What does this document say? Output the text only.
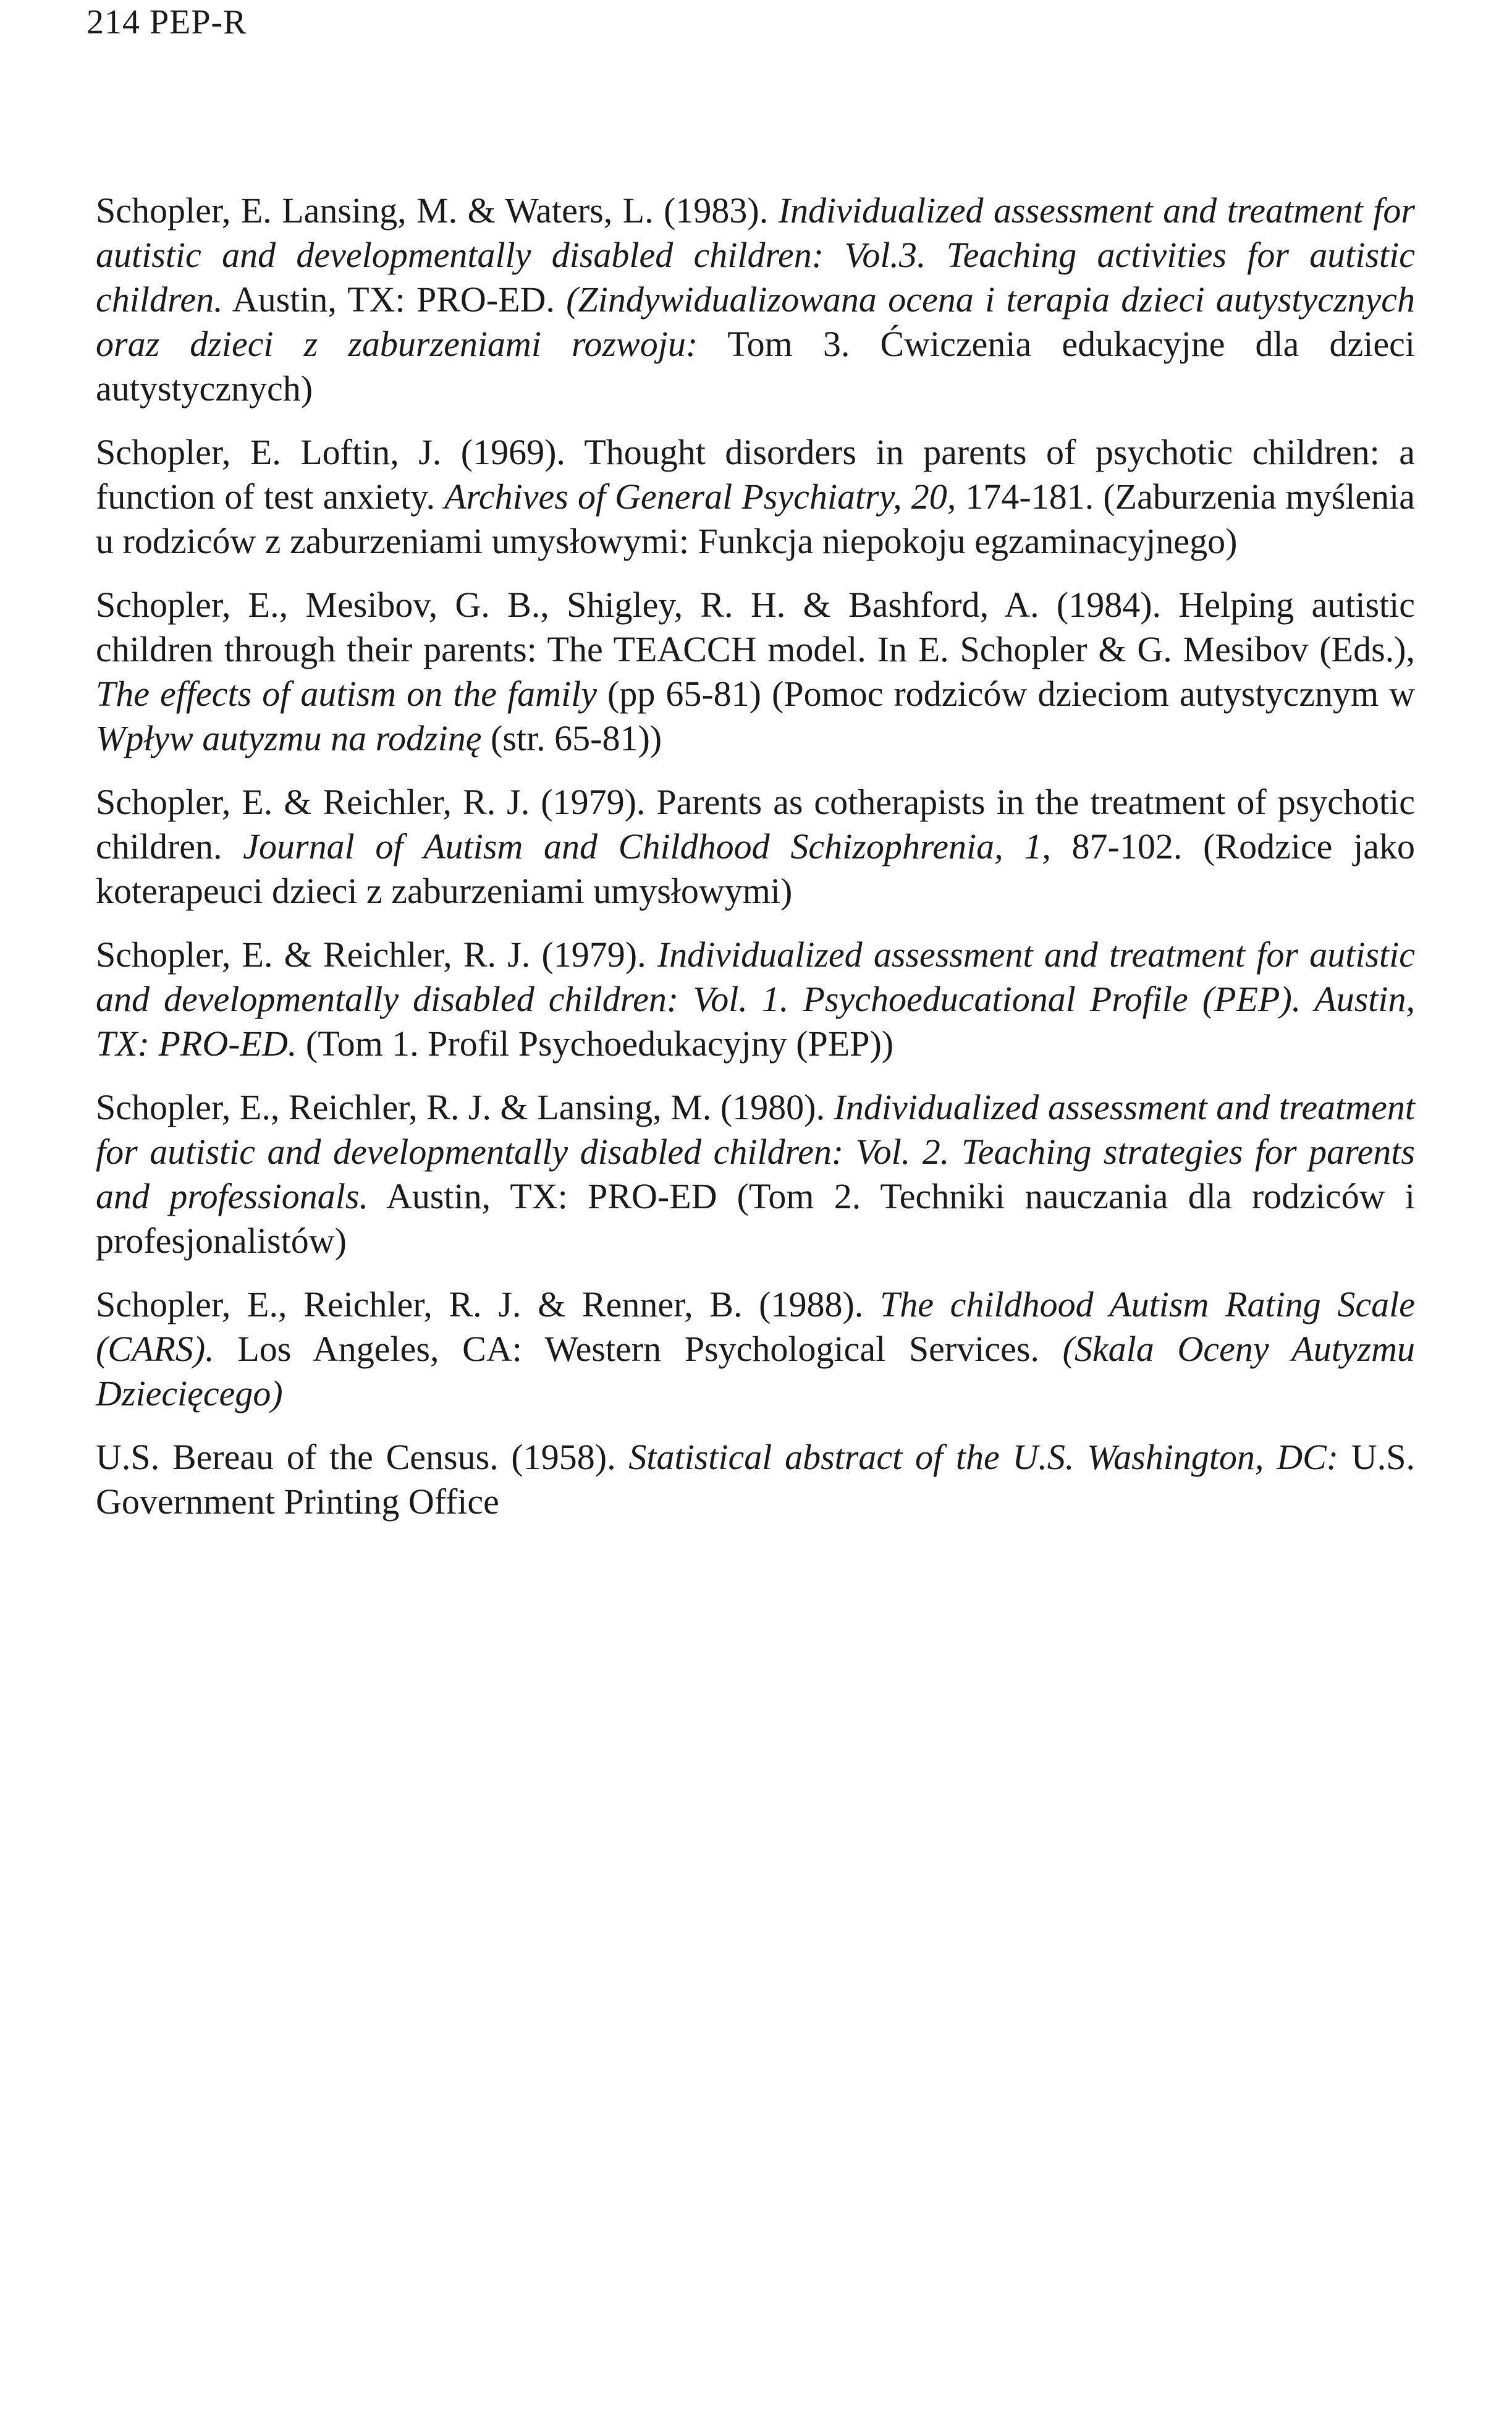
214 PEP-R

Schopler, E. Lansing, M. & Waters, L. (1983). Individualized assessment and treatment for autistic and developmentally disabled children: Vol.3. Teaching activities for autistic children. Austin, TX: PRO-ED. (Zindywidualizowana ocena i terapia dzieci autystycznych oraz dzieci z zaburzeniami rozwoju: Tom 3. Ćwiczenia edukacyjne dla dzieci autystycznych)

Schopler, E. Loftin, J. (1969). Thought disorders in parents of psychotic children: a function of test anxiety. Archives of General Psychiatry, 20, 174-181. (Zaburzenia myślenia u rodziców z zaburzeniami umysłowymi: Funkcja niepokoju egzaminacyjnego)

Schopler, E., Mesibov, G. B., Shigley, R. H. & Bashford, A. (1984). Helping autistic children through their parents: The TEACCH model. In E. Schopler & G. Mesibov (Eds.), The effects of autism on the family (pp 65-81) (Pomoc rodziców dzieciom autystycznym w Wpływ autyzmu na rodzinę (str. 65-81))

Schopler, E. & Reichler, R. J. (1979). Parents as cotherapists in the treatment of psychotic children. Journal of Autism and Childhood Schizophrenia, 1, 87-102. (Rodzice jako koterapeuci dzieci z zaburzeniami umysłowymi)

Schopler, E. & Reichler, R. J. (1979). Individualized assessment and treatment for autistic and developmentally disabled children: Vol. 1. Psychoeducational Profile (PEP). Austin, TX: PRO-ED. (Tom 1. Profil Psychoedukacyjny (PEP))

Schopler, E., Reichler, R. J. & Lansing, M. (1980). Individualized assessment and treatment for autistic and developmentally disabled children: Vol. 2. Teaching strategies for parents and professionals. Austin, TX: PRO-ED (Tom 2. Techniki nauczania dla rodziców i profesjonalistów)

Schopler, E., Reichler, R. J. & Renner, B. (1988). The childhood Autism Rating Scale (CARS). Los Angeles, CA: Western Psychological Services. (Skala Oceny Autyzmu Dziecięcego)

U.S. Bereau of the Census. (1958). Statistical abstract of the U.S. Washington, DC: U.S. Government Printing Office
